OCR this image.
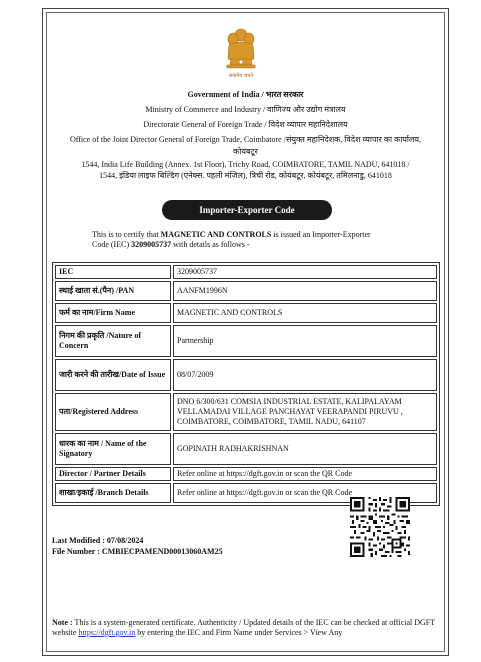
सत्यमेव जयते
Government of India / भारत सरकार
Ministry of Commerce and Industry / वाणिज्य और उद्योग मंत्रालय
Directorate General of Foreign Trade / विदेश व्यापार महानिदेशालय
Office of the Joint Director General of Foreign Trade, Coimbatore /संयुक्त महानिदेशक, विदेश व्यापार का कार्यालय,
कोयंबटूर
1544, India Life Building (Annex. 1st Floor), Trichy Road, COIMBATORE, TAMIL NADU, 641018 /
1544, इंडिया लाइफ बिल्डिंग (एनेक्स. पहली मंजिल), त्रिची रोड, कोयंबटूर, कोयंबटूर, तमिलनाडु, 641018
Importer-Exporter Code
This is to certify that MAGNETIC AND CONTROLS is issued an Importer-Exporter
Code (IEC) 3209005737 with details as follows -
IEC	3209005737
स्थाई खाता सं.(पैन) /PAN	AANFM1996N
फर्म का नाम/Firm Name	MAGNETIC AND CONTROLS
निगम की प्रकृति /Nature of Concern	Partnership
जारी करने की तारीख/Date of Issue	08/07/2009
पता/Registered Address	DNO 6/300/631 COMSIA INDUSTRIAL ESTATE, KALIPALAYAM VELLAMADAI VILLAGE PANCHAYAT VEERAPANDI PIRUVU , COIMBATORE, COIMBATORE, TAMIL NADU, 641107
धारक का नाम / Name of the Signatory	GOPINATH RADHAKRISHNAN
Director / Partner Details	Refer online at https://dgft.gov.in or scan the QR Code
शाखा/इकाई /Branch Details	Refer online at https://dgft.gov.in or scan the QR Code
Last Modified : 07/08/2024
File Number : CMBIECPAMEND00013060AM25
Note : This is a system-generated certificate. Authenticity / Updated details of the IEC can be checked at official DGFT website https://dgft.gov.in by entering the IEC and Firm Name under Services > View Any
